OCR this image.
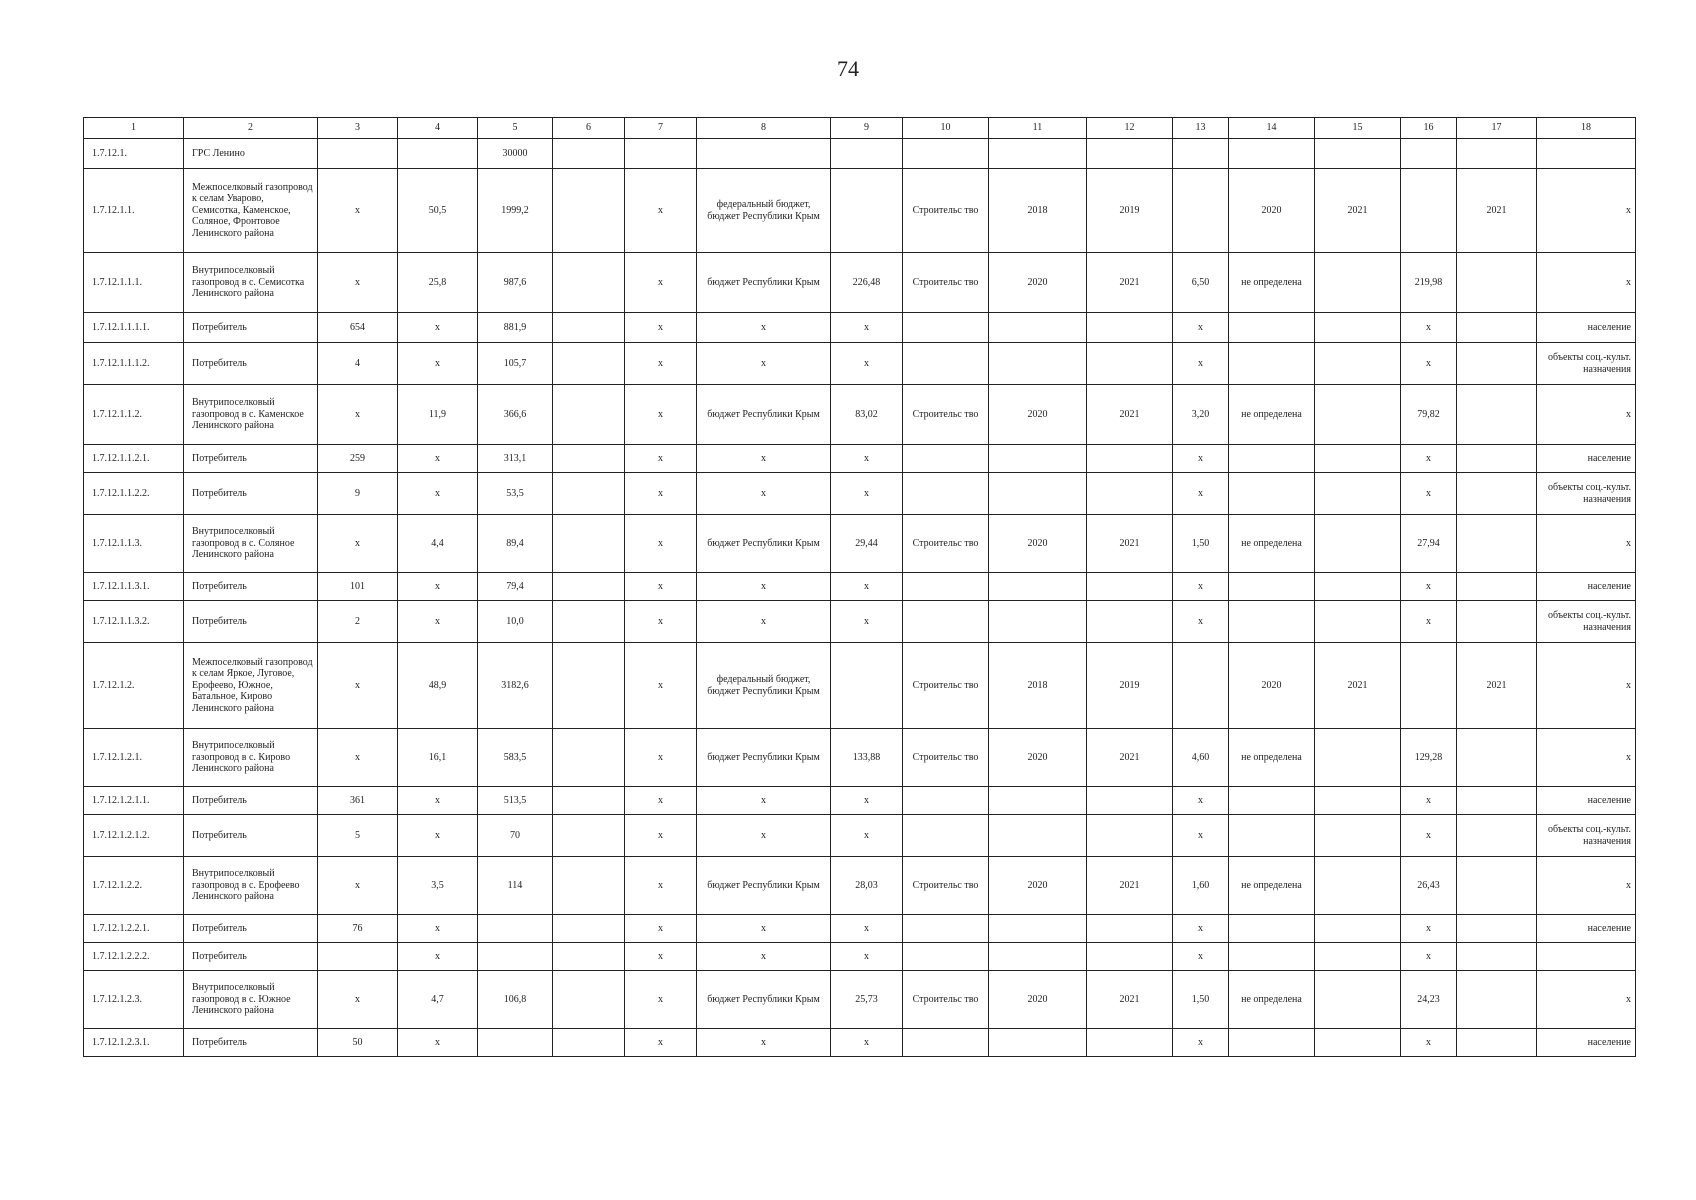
74
1	2	3	4	5	6	7	8	9	10	11	12	13	14	15	16	17	18
1.7.12.1.	ГРС Ленино			30000													
1.7.12.1.1.	Межпоселковый газопровод к селам Уварово, Семисотка, Каменское, Соляное, Фронтовое Ленинского района	x	50,5	1999,2		x	федеральный бюджет, бюджет Республики Крым		Строительс тво	2018	2019		2020	2021		2021	x
1.7.12.1.1.1.	Внутрипоселковый газопровод в с. Семисотка Ленинского района	x	25,8	987,6		x	бюджет Республики Крым	226,48	Строительс тво	2020	2021	6,50	не определена		219,98		x
1.7.12.1.1.1.1.	Потребитель	654	x	881,9		x	x	x				x			x		население
1.7.12.1.1.1.2.	Потребитель	4	x	105,7		x	x	x				x			x		объекты соц.-культ. назначения
1.7.12.1.1.2.	Внутрипоселковый газопровод в с. Каменское Ленинского района	x	11,9	366,6		x	бюджет Республики Крым	83,02	Строительс тво	2020	2021	3,20	не определена		79,82		x
1.7.12.1.1.2.1.	Потребитель	259	x	313,1		x	x	x				x			x		население
1.7.12.1.1.2.2.	Потребитель	9	x	53,5		x	x	x				x			x		объекты соц.-культ. назначения
1.7.12.1.1.3.	Внутрипоселковый газопровод в с. Соляное Ленинского района	x	4,4	89,4		x	бюджет Республики Крым	29,44	Строительс тво	2020	2021	1,50	не определена		27,94		x
1.7.12.1.1.3.1.	Потребитель	101	x	79,4		x	x	x				x			x		население
1.7.12.1.1.3.2.	Потребитель	2	x	10,0		x	x	x				x			x		объекты соц.-культ. назначения
1.7.12.1.2.	Межпоселковый газопровод к селам Яркое, Луговое, Ерофеево, Южное, Батальное, Кирово Ленинского района	x	48,9	3182,6		x	федеральный бюджет, бюджет Республики Крым		Строительс тво	2018	2019		2020	2021		2021	x
1.7.12.1.2.1.	Внутрипоселковый газопровод в с. Кирово Ленинского района	x	16,1	583,5		x	бюджет Республики Крым	133,88	Строительс тво	2020	2021	4,60	не определена		129,28		x
1.7.12.1.2.1.1.	Потребитель	361	x	513,5		x	x	x				x			x		население
1.7.12.1.2.1.2.	Потребитель	5	x	70		x	x	x				x			x		объекты соц.-культ. назначения
1.7.12.1.2.2.	Внутрипоселковый газопровод в с. Ерофеево Ленинского района	x	3,5	114		x	бюджет Республики Крым	28,03	Строительс тво	2020	2021	1,60	не определена		26,43		x
1.7.12.1.2.2.1.	Потребитель	76	x			x	x	x				x			x		население
1.7.12.1.2.2.2.	Потребитель		x			x	x	x				x			x		
1.7.12.1.2.3.	Внутрипоселковый газопровод в с. Южное Ленинского района	x	4,7	106,8		x	бюджет Республики Крым	25,73	Строительс тво	2020	2021	1,50	не определена		24,23		x
1.7.12.1.2.3.1.	Потребитель	50	x			x	x	x				x			x		население
